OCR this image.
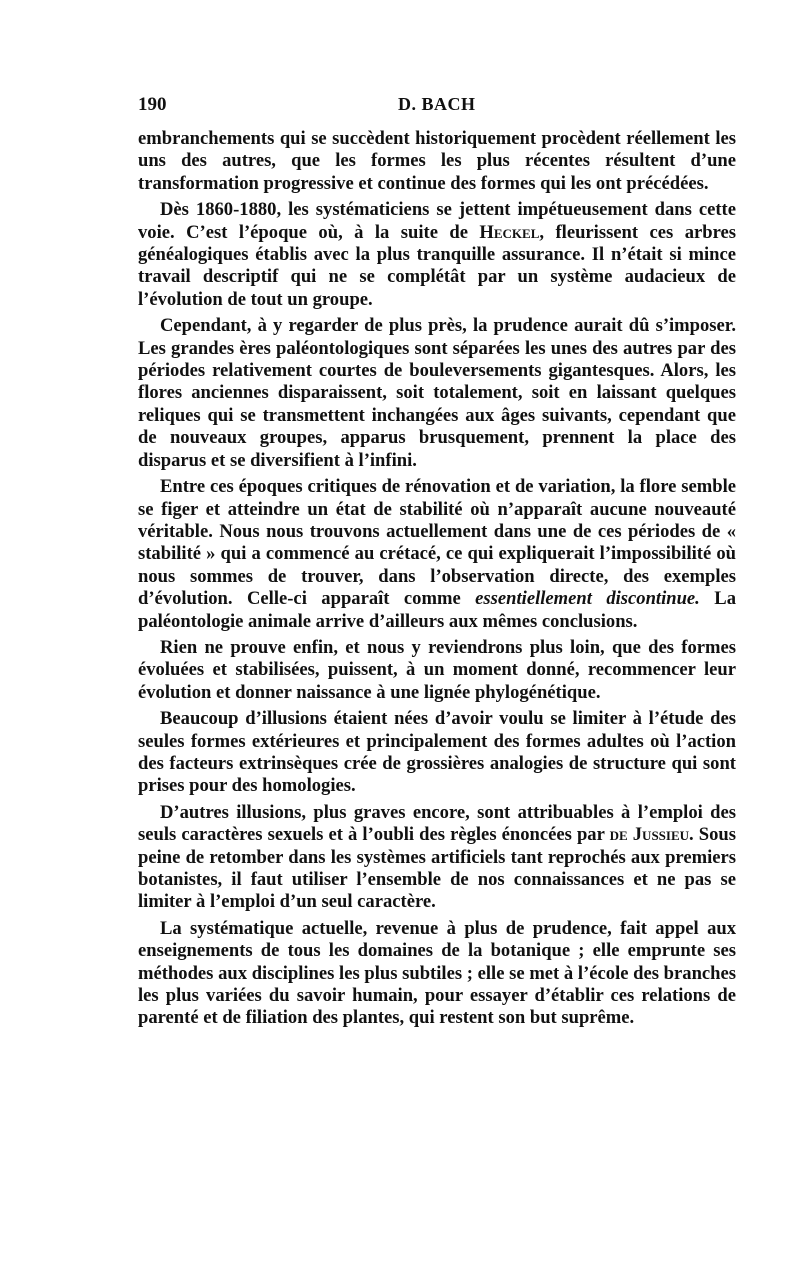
190	D. BACH

embranchements qui se succèdent historiquement procèdent réellement les uns des autres, que les formes les plus récentes résultent d’une transformation progressive et continue des formes qui les ont précédées.

Dès 1860-1880, les systématiciens se jettent impétueusement dans cette voie. C’est l’époque où, à la suite de Heckel, fleurissent ces arbres généalogiques établis avec la plus tranquille assurance. Il n’était si mince travail descriptif qui ne se complétât par un système audacieux de l’évolution de tout un groupe.

Cependant, à y regarder de plus près, la prudence aurait dû s’imposer. Les grandes ères paléontologiques sont séparées les unes des autres par des périodes relativement courtes de bouleversements gigantesques. Alors, les flores anciennes disparaissent, soit totalement, soit en laissant quelques reliques qui se transmettent inchangées aux âges suivants, cependant que de nouveaux groupes, apparus brusquement, prennent la place des disparus et se diversifient à l’infini.

Entre ces époques critiques de rénovation et de variation, la flore semble se figer et atteindre un état de stabilité où n’apparaît aucune nouveauté véritable. Nous nous trouvons actuellement dans une de ces périodes de « stabilité » qui a commencé au crétacé, ce qui expliquerait l’impossibilité où nous sommes de trouver, dans l’observation directe, des exemples d’évolution. Celle-ci apparaît comme essentiellement discontinue. La paléontologie animale arrive d’ailleurs aux mêmes conclusions.

Rien ne prouve enfin, et nous y reviendrons plus loin, que des formes évoluées et stabilisées, puissent, à un moment donné, recommencer leur évolution et donner naissance à une lignée phylogénétique.

Beaucoup d’illusions étaient nées d’avoir voulu se limiter à l’étude des seules formes extérieures et principalement des formes adultes où l’action des facteurs extrinsèques crée de grossières analogies de structure qui sont prises pour des homologies.

D’autres illusions, plus graves encore, sont attribuables à l’emploi des seuls caractères sexuels et à l’oubli des règles énoncées par de Jussieu. Sous peine de retomber dans les systèmes artificiels tant reprochés aux premiers botanistes, il faut utiliser l’ensemble de nos connaissances et ne pas se limiter à l’emploi d’un seul caractère.

La systématique actuelle, revenue à plus de prudence, fait appel aux enseignements de tous les domaines de la botanique ; elle emprunte ses méthodes aux disciplines les plus subtiles ; elle se met à l’école des branches les plus variées du savoir humain, pour essayer d’établir ces relations de parenté et de filiation des plantes, qui restent son but suprême.
